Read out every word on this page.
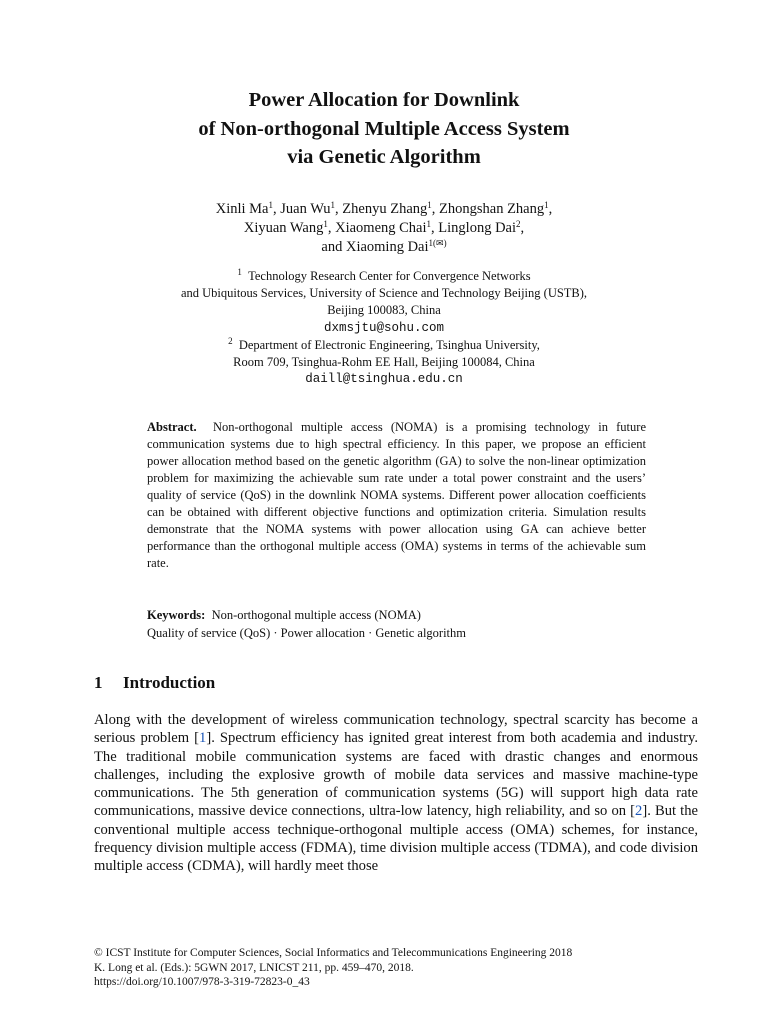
Power Allocation for Downlink
of Non-orthogonal Multiple Access System
via Genetic Algorithm
Xinli Ma$^1$, Juan Wu$^1$, Zhenyu Zhang$^1$, Zhongshan Zhang$^1$,
Xiyuan Wang$^1$, Xiaomeng Chai$^1$, Linglong Dai$^2$,
and Xiaoming Dai$^{1(✉)}$
$^1$ Technology Research Center for Convergence Networks
and Ubiquitous Services, University of Science and Technology Beijing (USTB),
Beijing 100083, China
dxmsjtu@sohu.com
$^2$ Department of Electronic Engineering, Tsinghua University,
Room 709, Tsinghua-Rohm EE Hall, Beijing 100084, China
daill@tsinghua.edu.cn
Abstract. Non-orthogonal multiple access (NOMA) is a promising technology in future communication systems due to high spectral efficiency. In this paper, we propose an efficient power allocation method based on the genetic algorithm (GA) to solve the non-linear optimization problem for maximizing the achievable sum rate under a total power constraint and the users’ quality of service (QoS) in the downlink NOMA systems. Different power allocation coefficients can be obtained with different objective functions and optimization criteria. Simulation results demonstrate that the NOMA systems with power allocation using GA can achieve better performance than the orthogonal multiple access (OMA) systems in terms of the achievable sum rate.
Keywords: Non-orthogonal multiple access (NOMA)
Quality of service (QoS) · Power allocation · Genetic algorithm
1 Introduction
Along with the development of wireless communication technology, spectral scarcity has become a serious problem [1]. Spectrum efficiency has ignited great interest from both academia and industry. The traditional mobile communication systems are faced with drastic changes and enormous challenges, including the explosive growth of mobile data services and massive machine-type communications. The 5th generation of communication systems (5G) will support high data rate communications, massive device connections, ultra-low latency, high reliability, and so on [2]. But the conventional multiple access technique-orthogonal multiple access (OMA) schemes, for instance, frequency division multiple access (FDMA), time division multiple access (TDMA), and code division multiple access (CDMA), will hardly meet those
© ICST Institute for Computer Sciences, Social Informatics and Telecommunications Engineering 2018
K. Long et al. (Eds.): 5GWN 2017, LNICST 211, pp. 459–470, 2018.
https://doi.org/10.1007/978-3-319-72823-0_43
